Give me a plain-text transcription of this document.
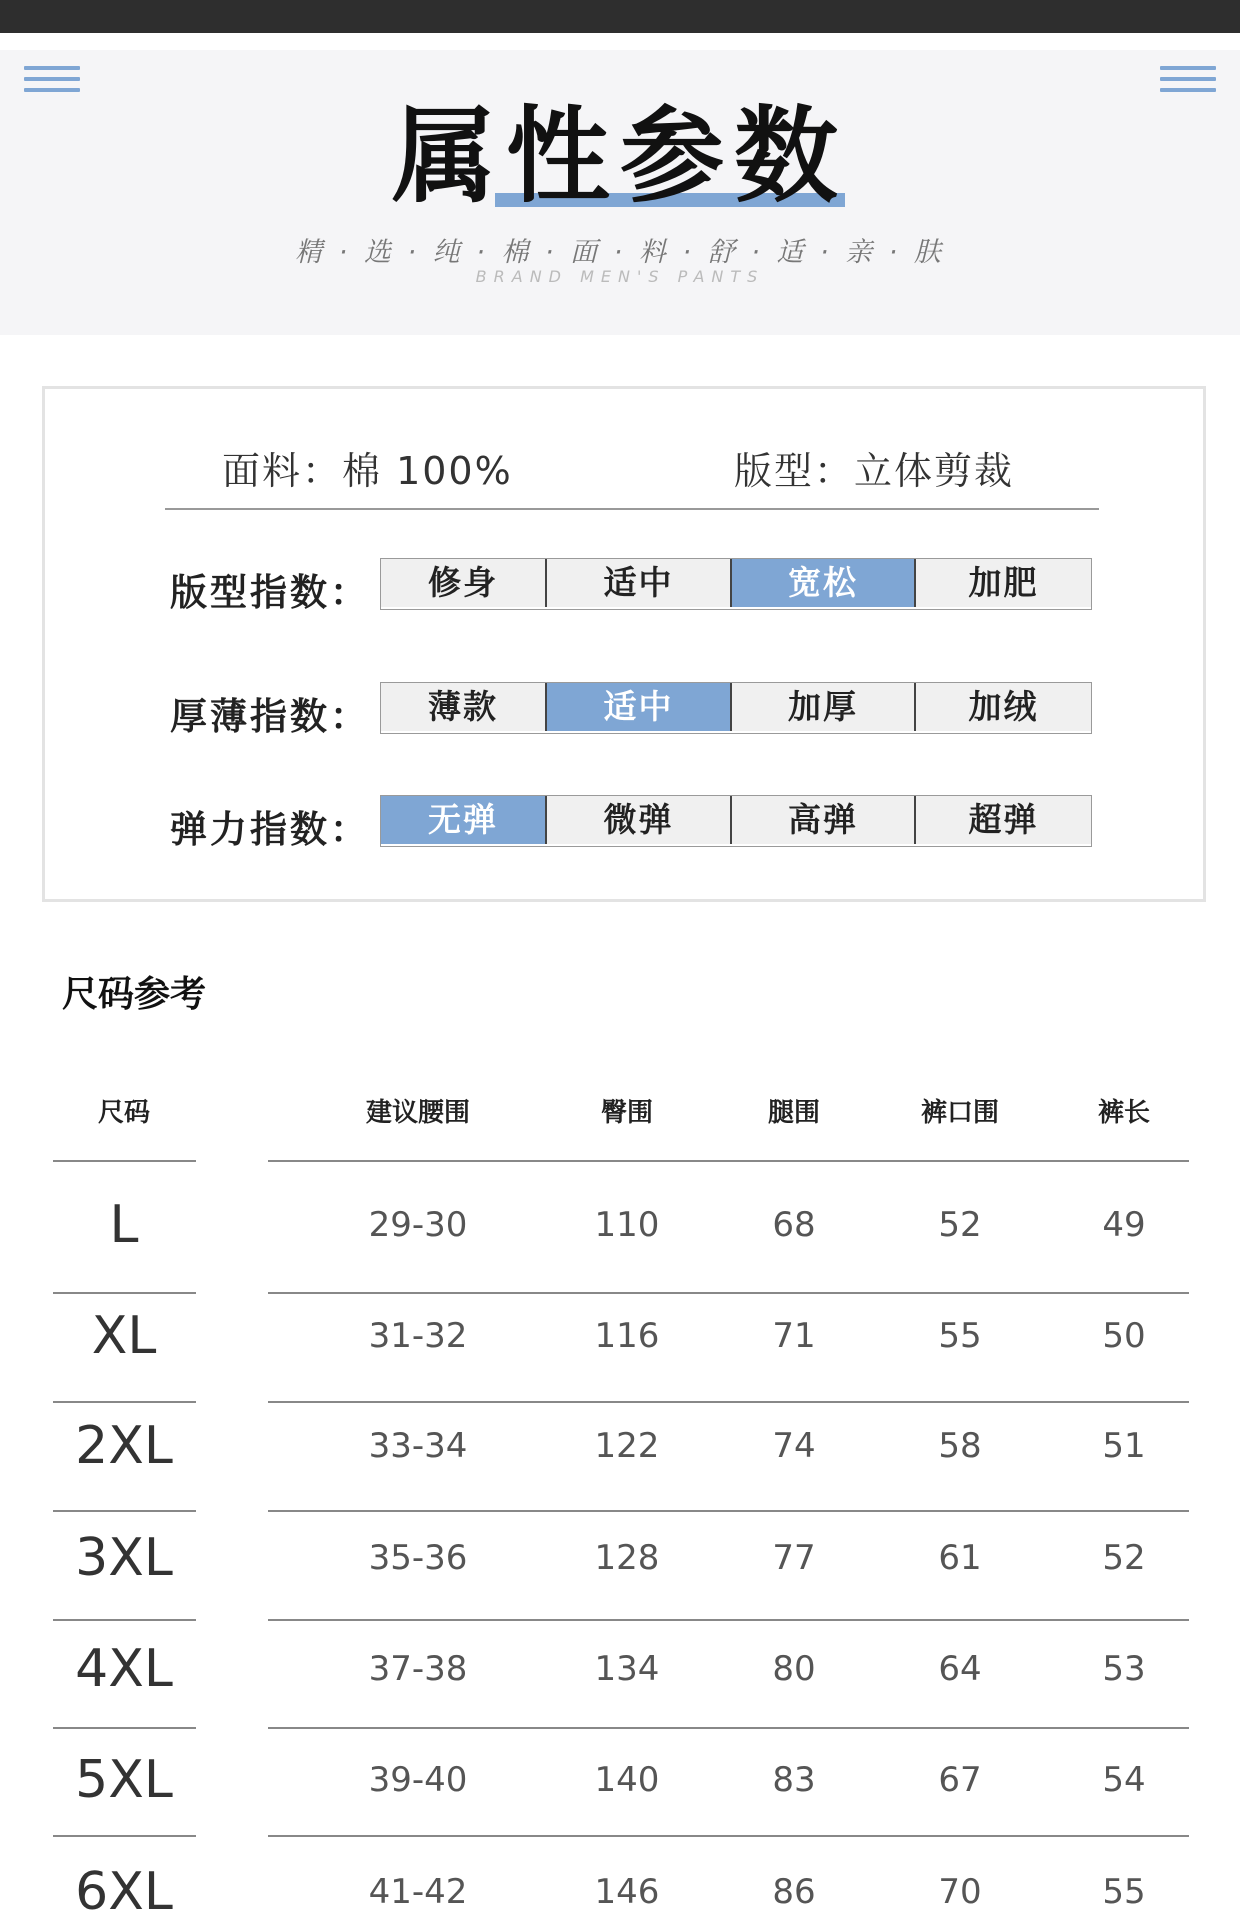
属性参数
精 · 选 · 纯 · 棉 · 面 · 料 · 舒 · 适 · 亲 · 肤
BRAND MEN'S PANTS
面料：棉 100%	版型：立体剪裁
版型指数：	修身	适中	宽松	加肥
厚薄指数：	薄款	适中	加厚	加绒
弹力指数：	无弹	微弹	高弹	超弹
尺码参考
尺码	建议腰围	臀围	腿围	裤口围	裤长
L	29-30	110	68	52	49
XL	31-32	116	71	55	50
2XL	33-34	122	74	58	51
3XL	35-36	128	77	61	52
4XL	37-38	134	80	64	53
5XL	39-40	140	83	67	54
6XL	41-42	146	86	70	55
